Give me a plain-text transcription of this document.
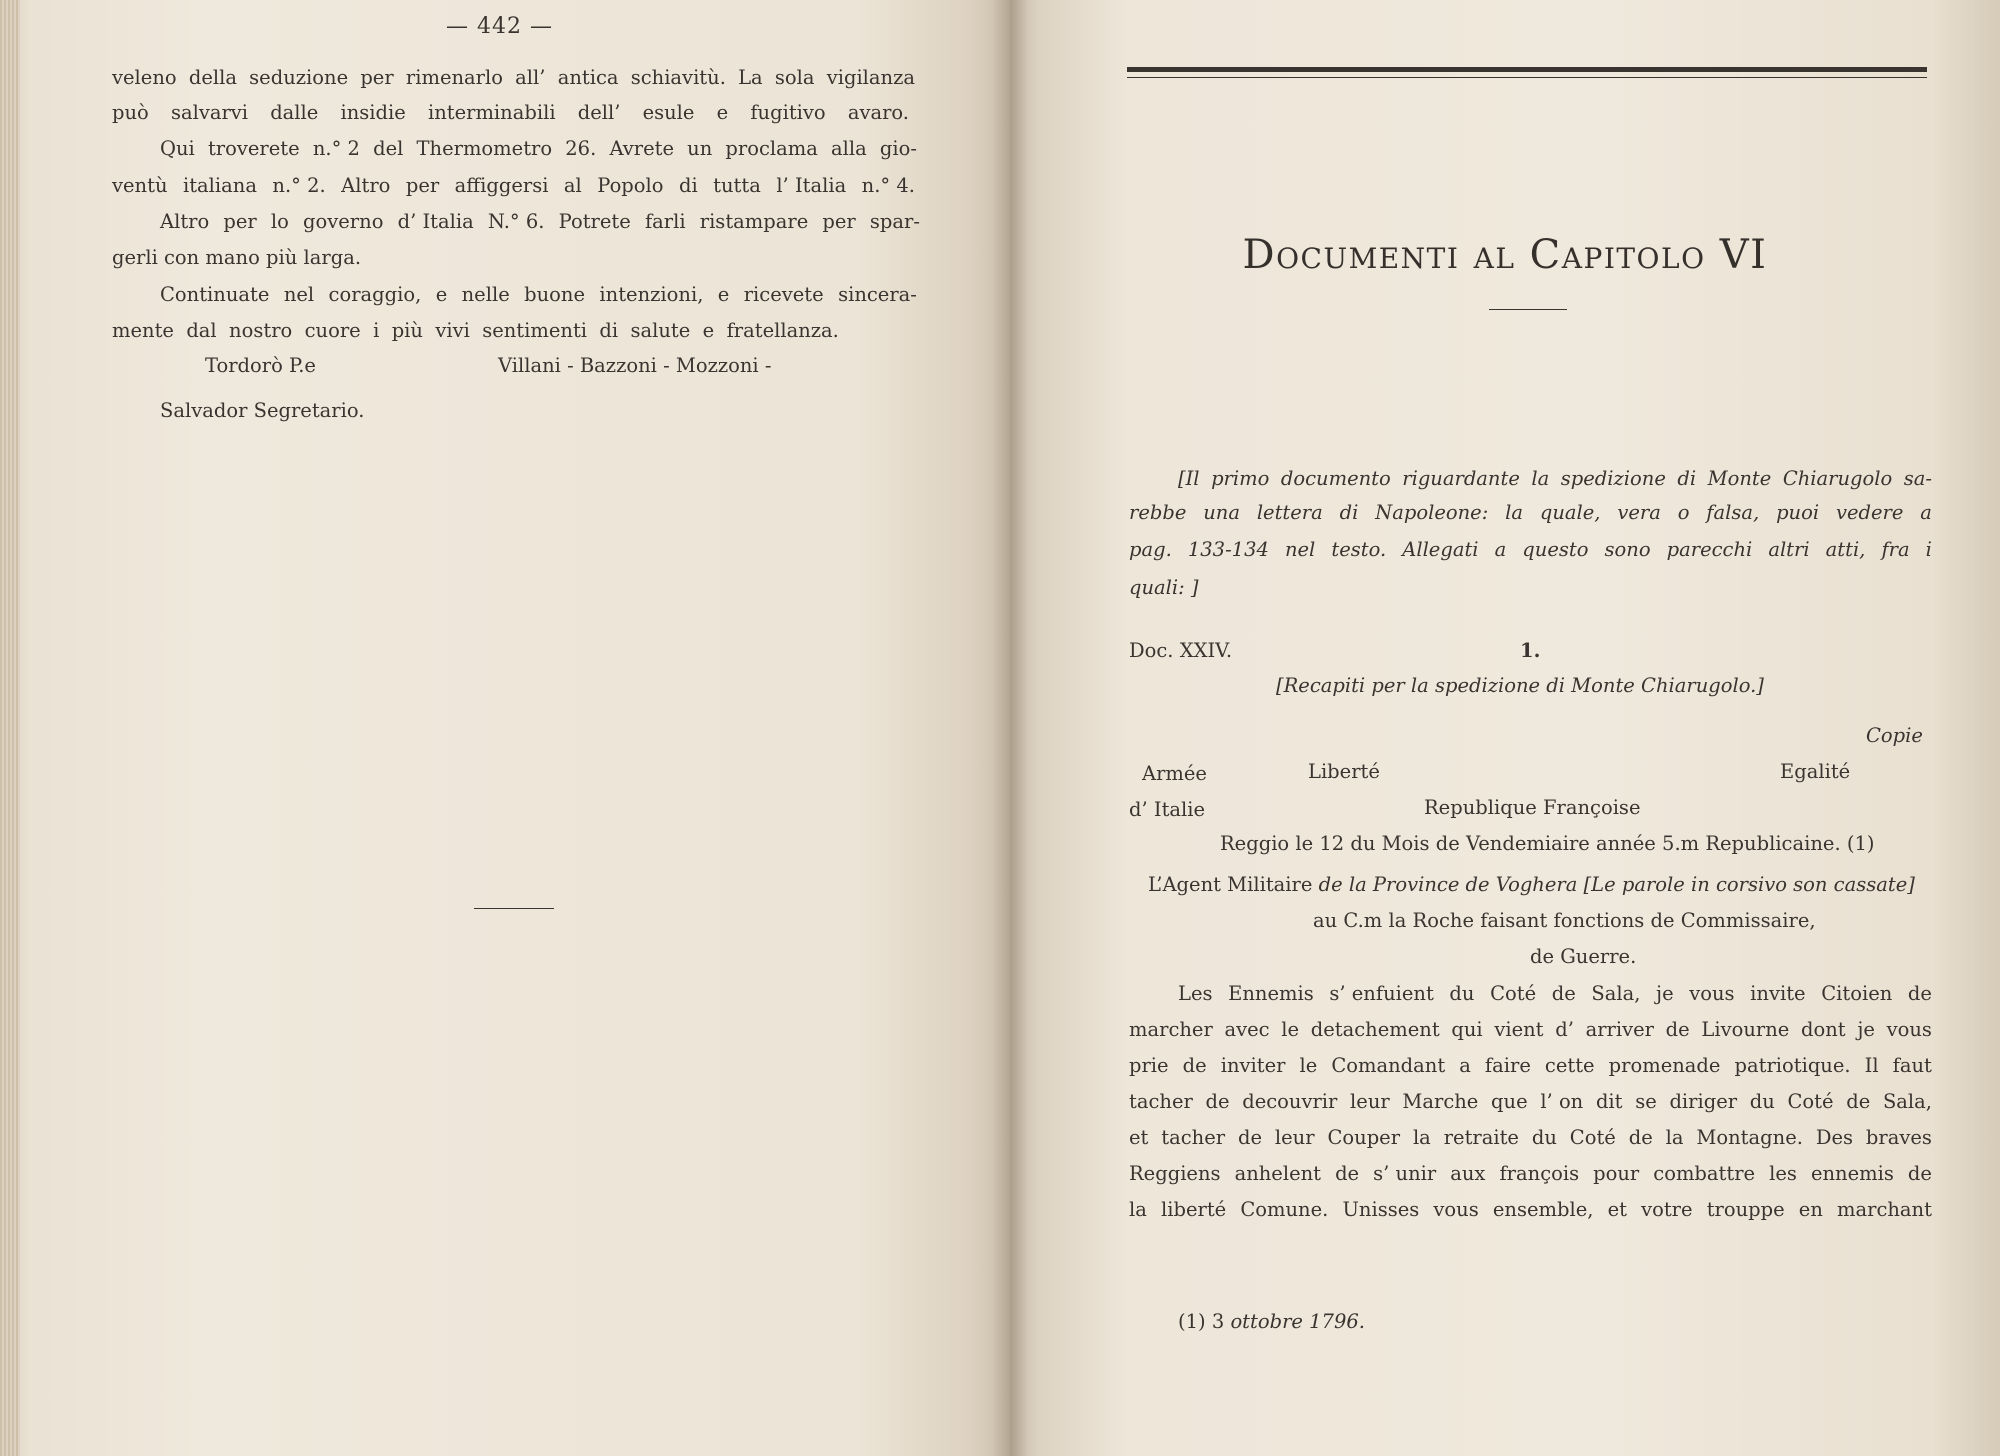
— 442 —
veleno della seduzione per rimenarlo all’ antica schiavitù. La sola vigilanza
può salvarvi dalle insidie interminabili dell’ esule e fugitivo avaro.
Qui troverete n.° 2 del Thermometro 26. Avrete un proclama alla gio-
ventù italiana n.° 2. Altro per affiggersi al Popolo di tutta l’ Italia n.° 4.
Altro per lo governo d’ Italia N.° 6. Potrete farli ristampare per spar-
gerli con mano più larga.
Continuate nel coraggio, e nelle buone intenzioni, e ricevete sincera-
mente dal nostro cuore i più vivi sentimenti di salute e fratellanza.
Tordorò P.e	Villani - Bazzoni - Mozzoni -
Salvador Segretario.
Documenti al Capitolo VI
[Il primo documento riguardante la spedizione di Monte Chiarugolo sa-
rebbe una lettera di Napoleone: la quale, vera o falsa, puoi vedere a
pag. 133-134 nel testo. Allegati a questo sono parecchi altri atti, fra i
quali: ]
Doc. XXIV.	1.
[Recapiti per la spedizione di Monte Chiarugolo.]
Copie
Armée	Liberté	Egalité
d’ Italie	Republique Françoise
Reggio le 12 du Mois de Vendemiaire année 5.m Republicaine. (1)
L’Agent Militaire de la Province de Voghera [Le parole in corsivo son cassate]
au C.m la Roche faisant fonctions de Commissaire,
de Guerre.
Les Ennemis s’ enfuient du Coté de Sala, je vous invite Citoien de
marcher avec le detachement qui vient d’ arriver de Livourne dont je vous
prie de inviter le Comandant a faire cette promenade patriotique. Il faut
tacher de decouvrir leur Marche que l’ on dit se diriger du Coté de Sala,
et tacher de leur Couper la retraite du Coté de la Montagne. Des braves
Reggiens anhelent de s’ unir aux françois pour combattre les ennemis de
la liberté Comune. Unisses vous ensemble, et votre trouppe en marchant
(1) 3 ottobre 1796.
